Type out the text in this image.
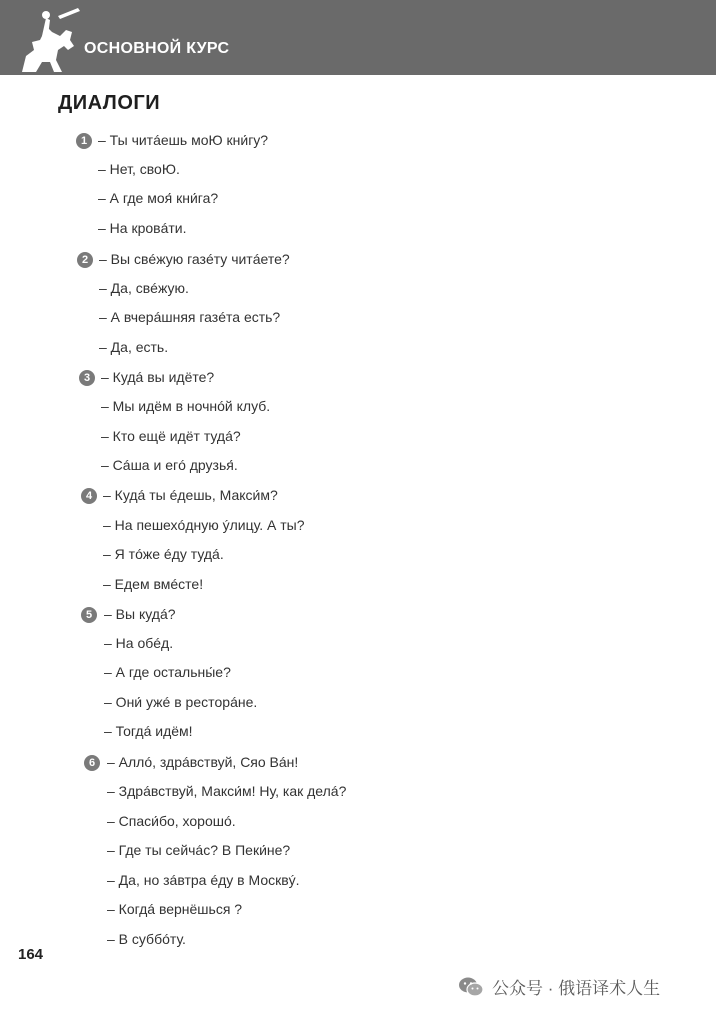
ОСНОВНОЙ КУРС
ДИАЛОГИ
1 – Ты читáешь моЮ кни́гу?
– Нет, своЮ.
– А где моя́ кни́га?
– На кровáти.
2 – Вы свéжую газéту читáете?
– Да, свéжую.
– А вчерáшняя газéта есть?
– Да, есть.
3 – Кудá вы идёте?
– Мы идём в ночнóй клуб.
– Кто ещё идёт тудá?
– Сáша и егó друзья́.
4 – Кудá ты éдешь, Макси́м?
– На пешехóдную ýлицу. А ты?
– Я тóже éду тудá.
– Едем вмéсте!
5 – Вы кудá?
– На обéд.
– А где остальны́е?
– Они́ ужé в рестoрáне.
– Тогдá идём!
6 – Аллó, здрáвствуй, Сяо Вáн!
– Здрáвствуй, Макси́м! Ну, как делá?
– Спаси́бо, хорошó.
– Где ты сейчáс? В Пеки́не?
– Да, но зáвтра éду в Москвý.
– Когдá вернёшься ?
– В суббóту.
164
公众号 · 俄语译术人生
